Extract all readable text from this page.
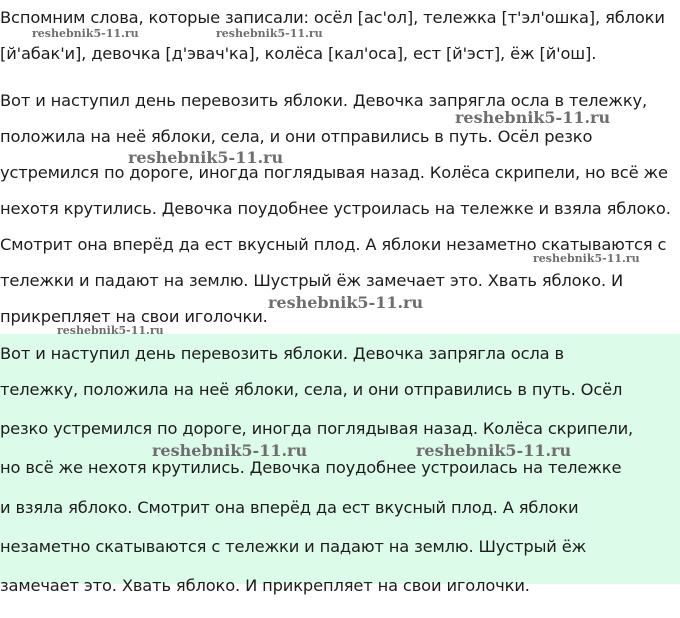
Вспомним слова, которые записали: осёл [ас'ол], тележка [т'эл'ошка], яблоки
[й'абак'и], девочка [д'эвач'ка], колёса [кал'оса], ест [й'эст], ёж [й'ош].
Вот и наступил день перевозить яблоки. Девочка запрягла осла в тележку,
положила на неё яблоки, села, и они отправились в путь. Осёл резко
устремился по дороге, иногда поглядывая назад. Колёса скрипели, но всё же
нехотя крутились. Девочка поудобнее устроилась на тележке и взяла яблоко.
Смотрит она вперёд да ест вкусный плод. А яблоки незаметно скатываются с
тележки и падают на землю. Шустрый ёж замечает это. Хвать яблоко. И
прикрепляет на свои иголочки.
Вот и наступил день перевозить яблоки. Девочка запрягла осла в
тележку, положила на неё яблоки, села, и они отправились в путь. Осёл
резко устремился по дороге, иногда поглядывая назад. Колёса скрипели,
но всё же нехотя крутились. Девочка поудобнее устроилась на тележке
и взяла яблоко. Смотрит она вперёд да ест вкусный плод. А яблоки
незаметно скатываются с тележки и падают на землю. Шустрый ёж
замечает это. Хвать яблоко. И прикрепляет на свои иголочки.
reshebnik5-11.ru	reshebnik5-11.ru
reshebnik5-11.ru
reshebnik5-11.ru
reshebnik5-11.ru
reshebnik5-11.ru
reshebnik5-11.ru
reshebnik5-11.ru	reshebnik5-11.ru
